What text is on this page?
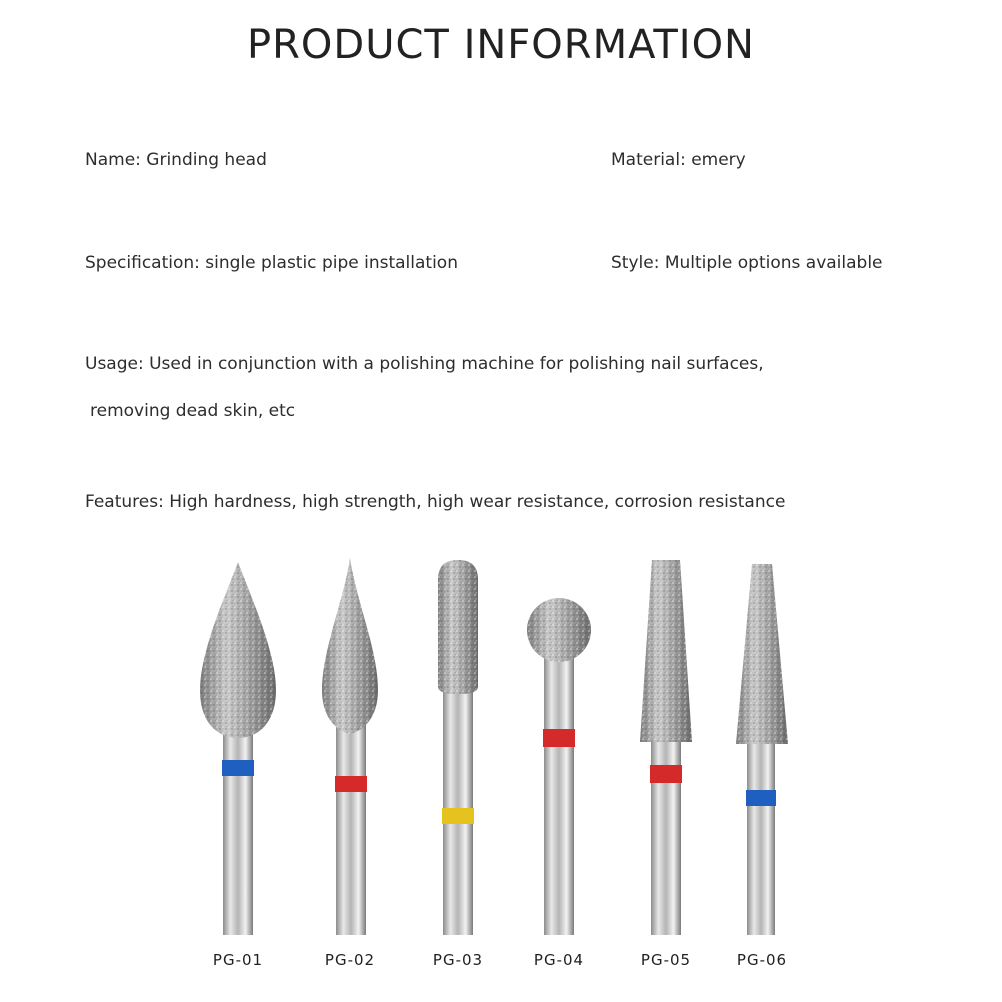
PRODUCT INFORMATION
Name: Grinding head	Material: emery
Specification: single plastic pipe installation	Style: Multiple options available
Usage: Used in conjunction with a polishing machine for polishing nail surfaces,
removing dead skin, etc
Features: High hardness, high strength, high wear resistance, corrosion resistance
PG-01	PG-02	PG-03	PG-04	PG-05	PG-06
